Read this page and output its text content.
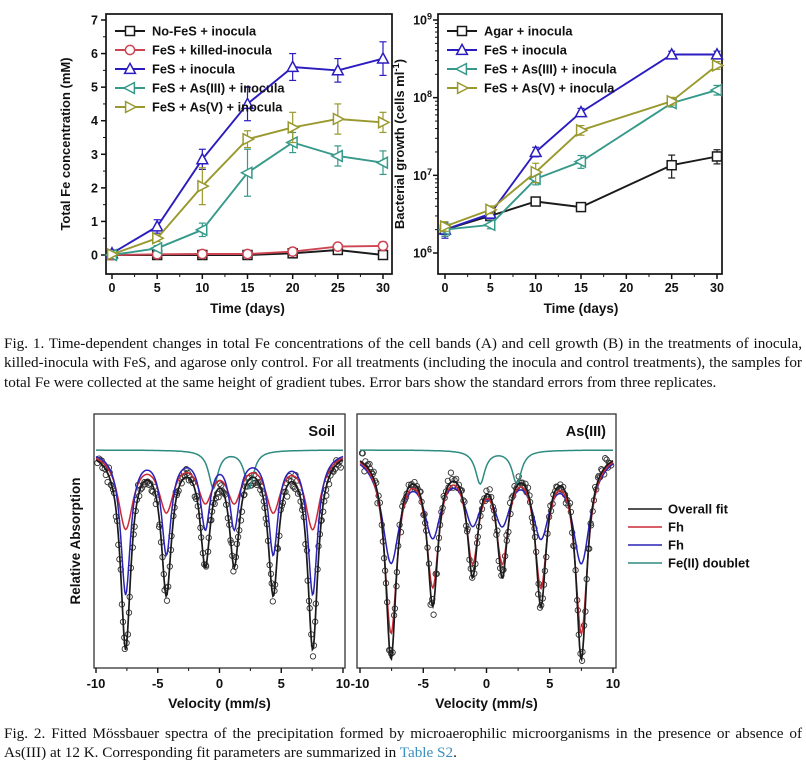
0	5	10	15	20	25	30
Time (days)
0
1
2
3
4
5
6
7
Total Fe concentration (mM)
No-FeS + inocula
FeS + killed-inocula
FeS + inocula
FeS + As(III) + inocula
FeS + As(V) + inocula
0	5	10	15	20	25	30
Time (days)
$10^6$
$10^7$
$10^8$
$10^9$
Bacterial growth (cells $ml^{-1}$)
Agar + inocula
FeS + inocula
FeS + As(III) + inocula
FeS + As(V) + inocula
Fig. 1. Time-dependent changes in total Fe concentrations of the cell bands (A) and cell growth (B) in the treatments of inocula, killed-inocula with FeS, and agarose only control. For all treatments (including the inocula and control treatments), the samples for total Fe were collected at the same height of gradient tubes. Error bars show the standard errors from three replicates.
-10	-5	0	5	10
Velocity (mm/s)
Soil
-10	-5	0	5	10
Velocity (mm/s)
As(III)
Relative Absorption	Overall fit
Fh
Fh
Fe(II) doublet
Fig. 2. Fitted Mössbauer spectra of the precipitation formed by microaerophilic microorganisms in the presence or absence of As(III) at 12 K. Corresponding fit parameters are summarized in Table S2.
